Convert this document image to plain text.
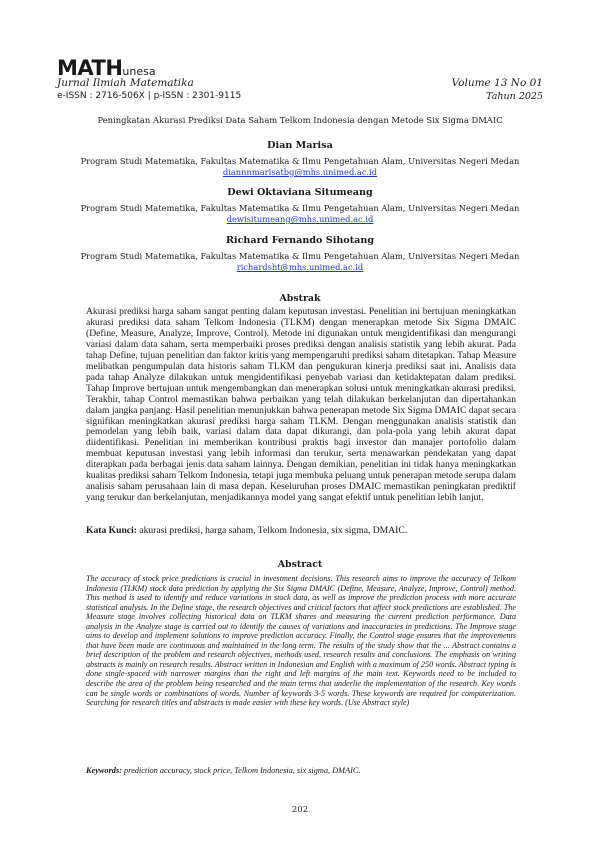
MATHunesa
Jurnal Ilmiah Matematika
e-ISSN : 2716-506X | p-ISSN : 2301-9115
Volume 13 No 01
Tahun 2025
Peningkatan Akurasi Prediksi Data Saham Telkom Indonesia dengan Metode Six Sigma DMAIC
Dian Marisa
Program Studi Matematika, Fakultas Matematika & Ilmu Pengetahuan Alam, Universitas Negeri Medan
diannnmarisatbg@mhs.unimed.ac.id
Dewi Oktaviana Situmeang
Program Studi Matematika, Fakultas Matematika & Ilmu Pengetahuan Alam, Universitas Negeri Medan
dewisitumeang@mhs.unimed.ac.id
Richard Fernando Sihotang
Program Studi Matematika, Fakultas Matematika & Ilmu Pengetahuan Alam, Universitas Negeri Medan
richardsht@mhs.unimed.ac.id
Abstrak
Akurasi prediksi harga saham sangat penting dalam keputusan investasi. Penelitian ini bertujuan meningkatkan akurasi prediksi data saham Telkom Indonesia (TLKM) dengan menerapkan metode Six Sigma DMAIC (Define, Measure, Analyze, Improve, Control). Metode ini digunakan untuk mengidentifikasi dan mengurangi variasi dalam data saham, serta memperbaiki proses prediksi dengan analisis statistik yang lebih akurat. Pada tahap Define, tujuan penelitian dan faktor kritis yang mempengaruhi prediksi saham ditetapkan. Tahap Measure melibatkan pengumpulan data historis saham TLKM dan pengukuran kinerja prediksi saat ini. Analisis data pada tahap Analyze dilakukan untuk mengidentifikasi penyebab variasi dan ketidaktepatan dalam prediksi. Tahap Improve bertujuan untuk mengembangkan dan menerapkan solusi untuk meningkatkan akurasi prediksi. Terakhir, tahap Control memastikan bahwa perbaikan yang telah dilakukan berkelanjutan dan dipertahankan dalam jangka panjang. Hasil penelitian menunjukkan bahwa penerapan metode Six Sigma DMAIC dapat secara signifikan meningkatkan akurasi prediksi harga saham TLKM. Dengan menggunakan analisis statistik dan pemodelan yang lebih baik, variasi dalam data dapat dikurangi, dan pola-pola yang lebih akurat dapat diidentifikasi. Penelitian ini memberikan kontribusi praktis bagi investor dan manajer portofolio dalam membuat keputusan investasi yang lebih informasi dan terukur, serta menawarkan pendekatan yang dapat diterapkan pada berbagai jenis data saham lainnya. Dengan demikian, penelitian ini tidak hanya meningkatkan kualitas prediksi saham Telkom Indonesia, tetapi juga membuka peluang untuk penerapan metode serupa dalam analisis saham perusahaan lain di masa depan. Keseluruhan proses DMAIC memastikan peningkatan prediktif yang terukur dan berkelanjutan, menjadikannya model yang sangat efektif untuk penelitian lebih lanjut.
Kata Kunci: akurasi prediksi, harga saham, Telkom Indonesia, six sigma, DMAIC.
Abstract
The accuracy of stock price predictions is crucial in investment decisions. This research aims to improve the accuracy of Telkom Indonesia (TLKM) stock data prediction by applying the Six Sigma DMAIC (Define, Measure, Analyze, Improve, Control) method. This method is used to identify and reduce variations in stock data, as well as improve the prediction process with more accurate statistical analysis. In the Define stage, the research objectives and critical factors that affect stock predictions are established. The Measure stage involves collecting historical data on TLKM shares and measuring the current prediction performance. Data analysis in the Analyze stage is carried out to identify the causes of variations and inaccuracies in predictions. The Improve stage aims to develop and implement solutions to improve prediction accuracy. Finally, the Control stage ensures that the improvements that have been made are continuous and maintained in the long term. The results of the study show that the ... Abstract contains a brief description of the problem and research objectives, methods used, research results and conclusions. The emphasis on writing abstracts is mainly on research results. Abstract written in Indonesian and English with a maximum of 250 words. Abstract typing is done single-spaced with narrower margins than the right and left margins of the main text. Keywords need to be included to describe the area of the problem being researched and the main terms that underlie the implementation of the research. Key words can be single words or combinations of words. Number of keywords 3-5 words. These keywords are required for computerization. Searching for research titles and abstracts is made easier with these key words. (Use Abstract style)
Keywords: prediction accuracy, stock price, Telkom Indonesia, six sigma, DMAIC.
202
